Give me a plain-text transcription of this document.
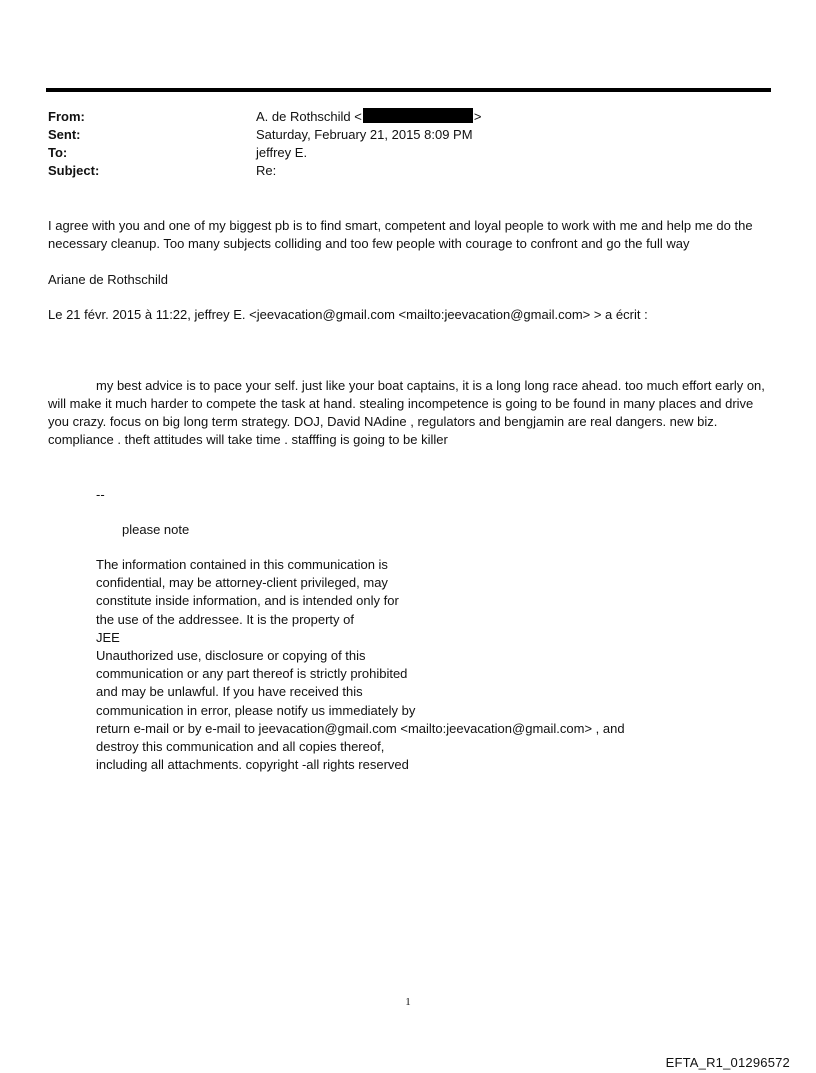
From:	A. de Rothschild <	>
Sent:	Saturday, February 21, 2015 8:09 PM
To:	jeffrey E.
Subject:	Re:
I agree with you and one of my biggest pb is to find smart, competent and loyal people to work with me and help me do the necessary cleanup. Too many subjects colliding and too few people with courage to confront and go the full way
Ariane de Rothschild
Le 21 févr. 2015 à 11:22, jeffrey E. <jeevacation@gmail.com <mailto:jeevacation@gmail.com> > a écrit :
my best advice is to pace your self. just like your boat captains, it is a long long race ahead. too much effort early on, will make it much harder to compete the task at hand. stealing incompetence is going to be found in many places and drive you crazy. focus on big long term strategy. DOJ, David NAdine , regulators and bengjamin are real dangers. new biz. compliance . theft attitudes will take time . stafffing is going to be killer
--
please note
The information contained in this communication is
confidential, may be attorney-client privileged, may
constitute inside information, and is intended only for
the use of the addressee. It is the property of
JEE
Unauthorized use, disclosure or copying of this
communication or any part thereof is strictly prohibited
and may be unlawful. If you have received this
communication in error, please notify us immediately by
return e-mail or by e-mail to jeevacation@gmail.com <mailto:jeevacation@gmail.com> , and
destroy this communication and all copies thereof,
including all attachments. copyright -all rights reserved
1
EFTA_R1_01296572
